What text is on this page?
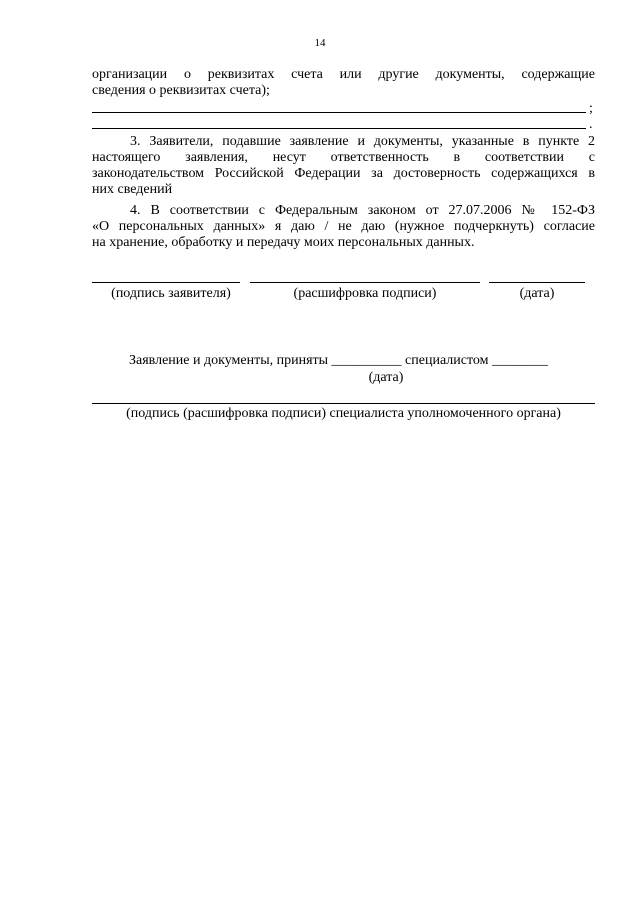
14
организации о реквизитах счета или другие документы, содержащие
сведения о реквизитах счета);
;
.
3. Заявители, подавшие заявление и документы, указанные в пункте 2
настоящего заявления, несут ответственность в соответствии с
законодательством Российской Федерации за достоверность содержащихся в
них сведений
4. В соответствии с Федеральным законом от 27.07.2006 № 152-ФЗ
«О персональных данных» я даю / не даю (нужное подчеркнуть) согласие
на хранение, обработку и передачу моих персональных данных.
(подпись заявителя)	(расшифровка подписи)	(дата)
Заявление и документы, приняты __________ специалистом ________
(дата)
(подпись (расшифровка подписи) специалиста уполномоченного органа)
